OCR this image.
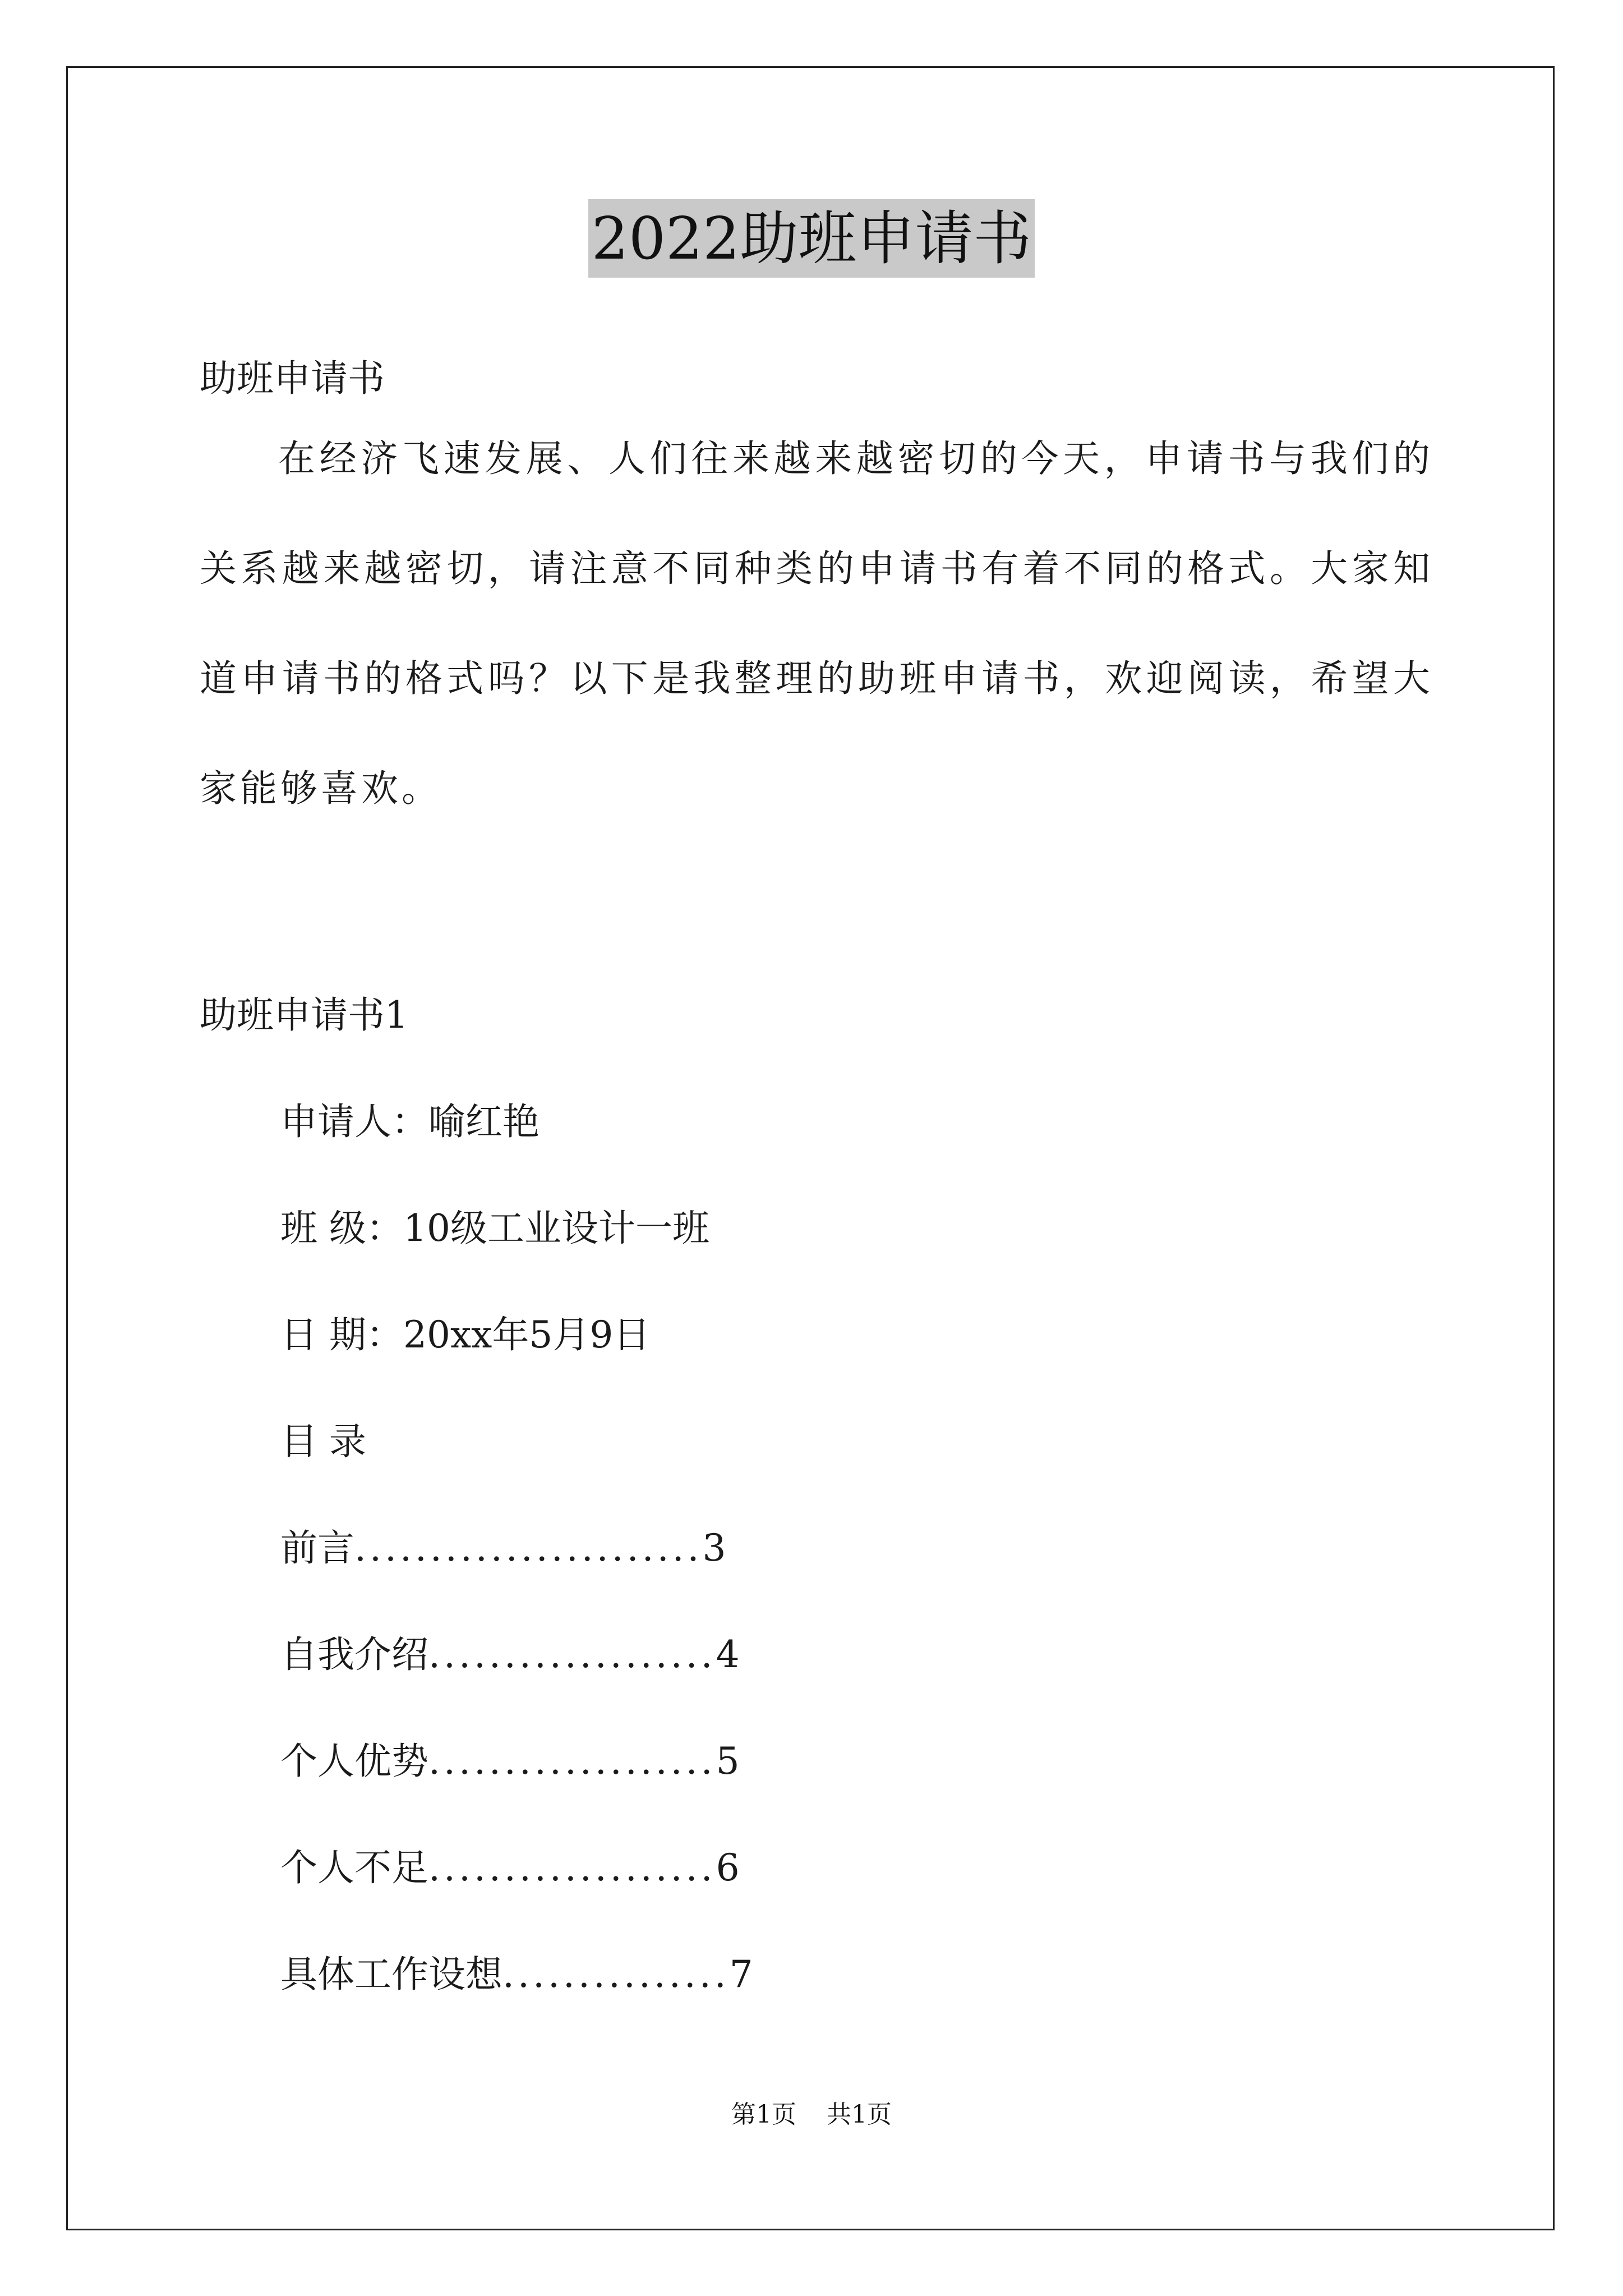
2022助班申请书
助班申请书
在经济飞速发展、人们往来越来越密切的今天，申请书与我们的关系越来越密切，请注意不同种类的申请书有着不同的格式。大家知道申请书的格式吗？以下是我整理的助班申请书，欢迎阅读，希望大家能够喜欢。
助班申请书1
申请人：喻红艳
班 级：10级工业设计一班
日 期：20xx年5月9日
目 录
前言.......................3
自我介绍...................4
个人优势...................5
个人不足...................6
具体工作设想...............7
第1页 共1页
